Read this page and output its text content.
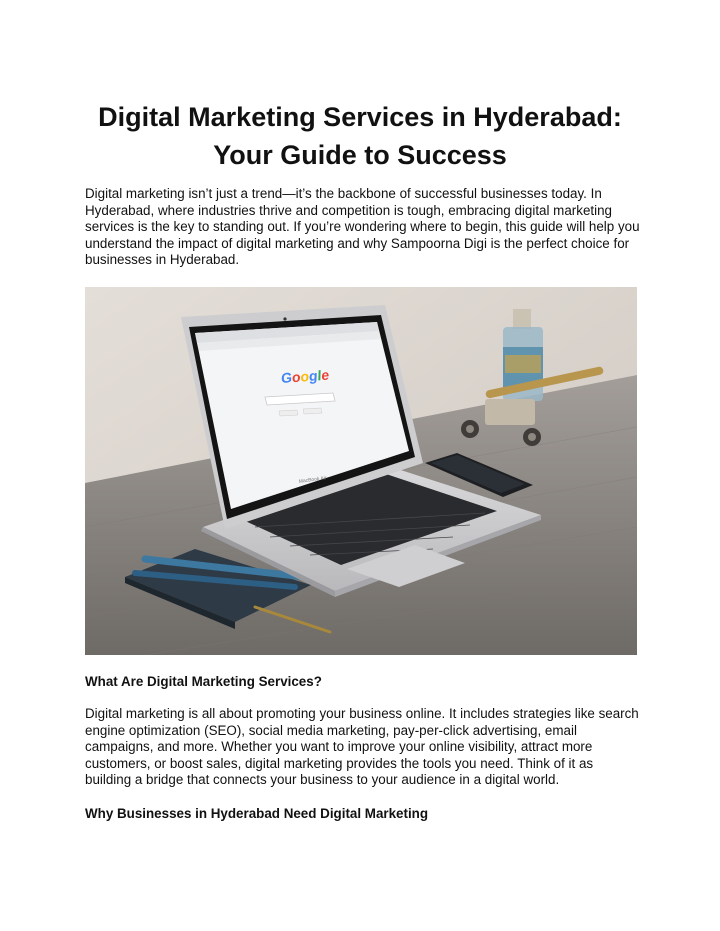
Digital Marketing Services in Hyderabad:
Your Guide to Success

Digital marketing isn’t just a trend—it’s the backbone of successful businesses today. In Hyderabad, where industries thrive and competition is tough, embracing digital marketing services is the key to standing out. If you’re wondering where to begin, this guide will help you understand the impact of digital marketing and why Sampoorna Digi is the perfect choice for businesses in Hyderabad.

Google
MacBook Air
What Are Digital Marketing Services?

Digital marketing is all about promoting your business online. It includes strategies like search engine optimization (SEO), social media marketing, pay-per-click advertising, email campaigns, and more. Whether you want to improve your online visibility, attract more customers, or boost sales, digital marketing provides the tools you need. Think of it as building a bridge that connects your business to your audience in a digital world.

Why Businesses in Hyderabad Need Digital Marketing
